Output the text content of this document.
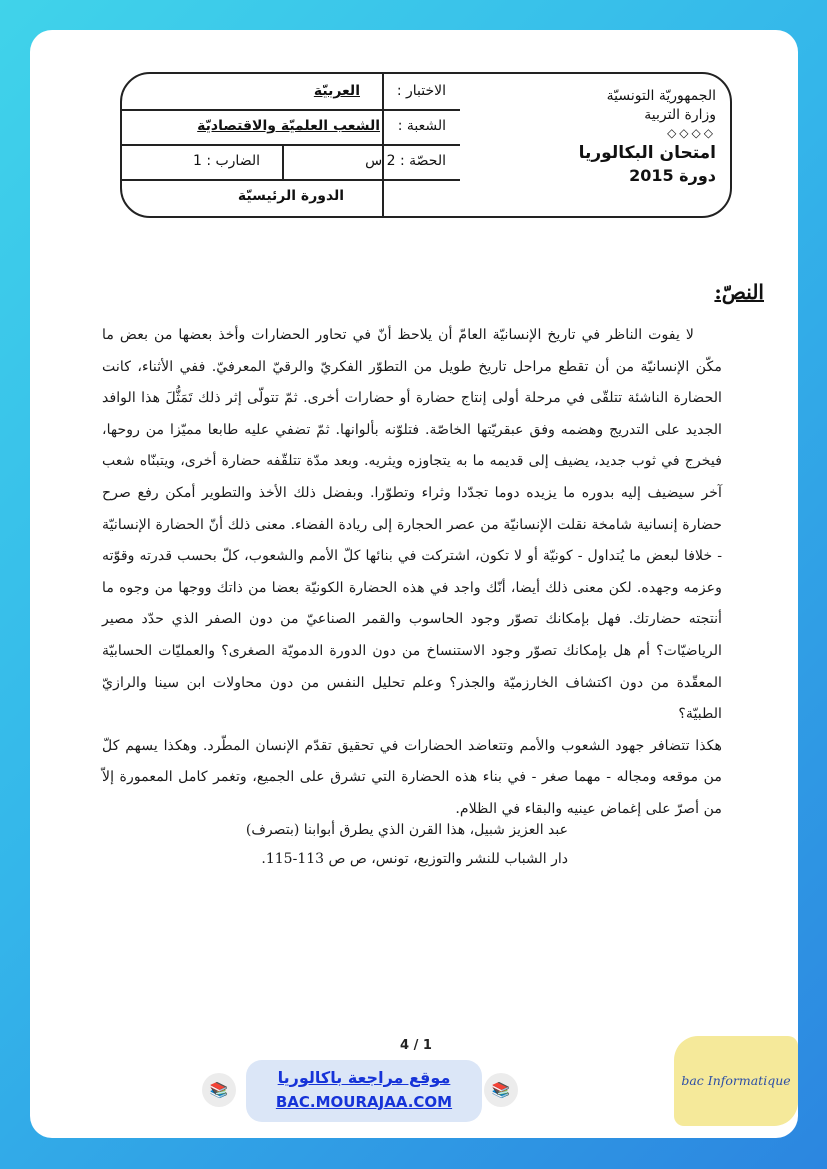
الجمهوريّة التونسيّة
وزارة التربية
◇◇◇◇
امتحان البكالوريا
دورة 2015
الاختبار :
العربيّة
الشعبة :
الشعب العلميّة والاقتصاديّة
الحصّة : 2 س
الضارب : 1
الدورة الرئيسيّة
النصّ:

لا يفوت الناظر في تاريخ الإنسانيّة العامّ أن يلاحظ أنّ في تحاور الحضارات وأخذ بعضها من بعض ما مكّن الإنسانيّة من أن تقطع مراحل تاريخ طويل من التطوّر الفكريّ والرقيّ المعرفيّ. ففي الأثناء، كانت الحضارة الناشئة تتلقّى في مرحلة أولى إنتاج حضارة أو حضارات أخرى. ثمّ تتولّى إثر ذلك تَمَثُّلَ هذا الوافد الجديد على التدريج وهضمه وفق عبقريّتها الخاصّة. فتلوّنه بألوانها. ثمّ تضفي عليه طابعا مميّزا من روحها، فيخرج في ثوب جديد، يضيف إلى قديمه ما به يتجاوزه ويثريه. وبعد مدّة تتلقّفه حضارة أخرى، ويتبنّاه شعب آخر سيضيف إليه بدوره ما يزيده دوما تجدّدا وثراء وتطوّرا. وبفضل ذلك الأخذ والتطوير أمكن رفع صرح حضارة إنسانية شامخة نقلت الإنسانيّة من عصر الحجارة إلى ريادة الفضاء. معنى ذلك أنّ الحضارة الإنسانيّة - خلافا لبعض ما يُتداول - كونيّة أو لا تكون، اشتركت في بنائها كلّ الأمم والشعوب، كلّ بحسب قدرته وقوّته وعزمه وجهده. لكن معنى ذلك أيضا، أنّك واجد في هذه الحضارة الكونيّة بعضا من ذاتك ووجها من وجوه ما أنتجته حضارتك. فهل بإمكانك تصوّر وجود الحاسوب والقمر الصناعيّ من دون الصفر الذي حدّد مصير الرياضيّات؟ أم هل بإمكانك تصوّر وجود الاستنساخ من دون الدورة الدمويّة الصغرى؟ والعمليّات الحسابيّة المعقّدة من دون اكتشاف الخارزميّة والجذر؟ وعلم تحليل النفس من دون محاولات ابن سينا والرازيّ الطبيّة؟

هكذا تتضافر جهود الشعوب والأمم وتتعاضد الحضارات في تحقيق تقدّم الإنسان المطّرد. وهكذا يسهم كلّ من موقعه ومجاله - مهما صغر - في بناء هذه الحضارة التي تشرق على الجميع، وتغمر كامل المعمورة إلاّ من أصرّ على إغماض عينيه والبقاء في الظلام.

عبد العزيز شبيل، هذا القرن الذي يطرق أبوابنا (بتصرف)
دار الشباب للنشر والتوزيع، تونس، ص ص 113-115.
4 / 1
📚
موقع مراجعة باكالوريا
BAC.MOURAJAA.COM
📚
bac Informatique
